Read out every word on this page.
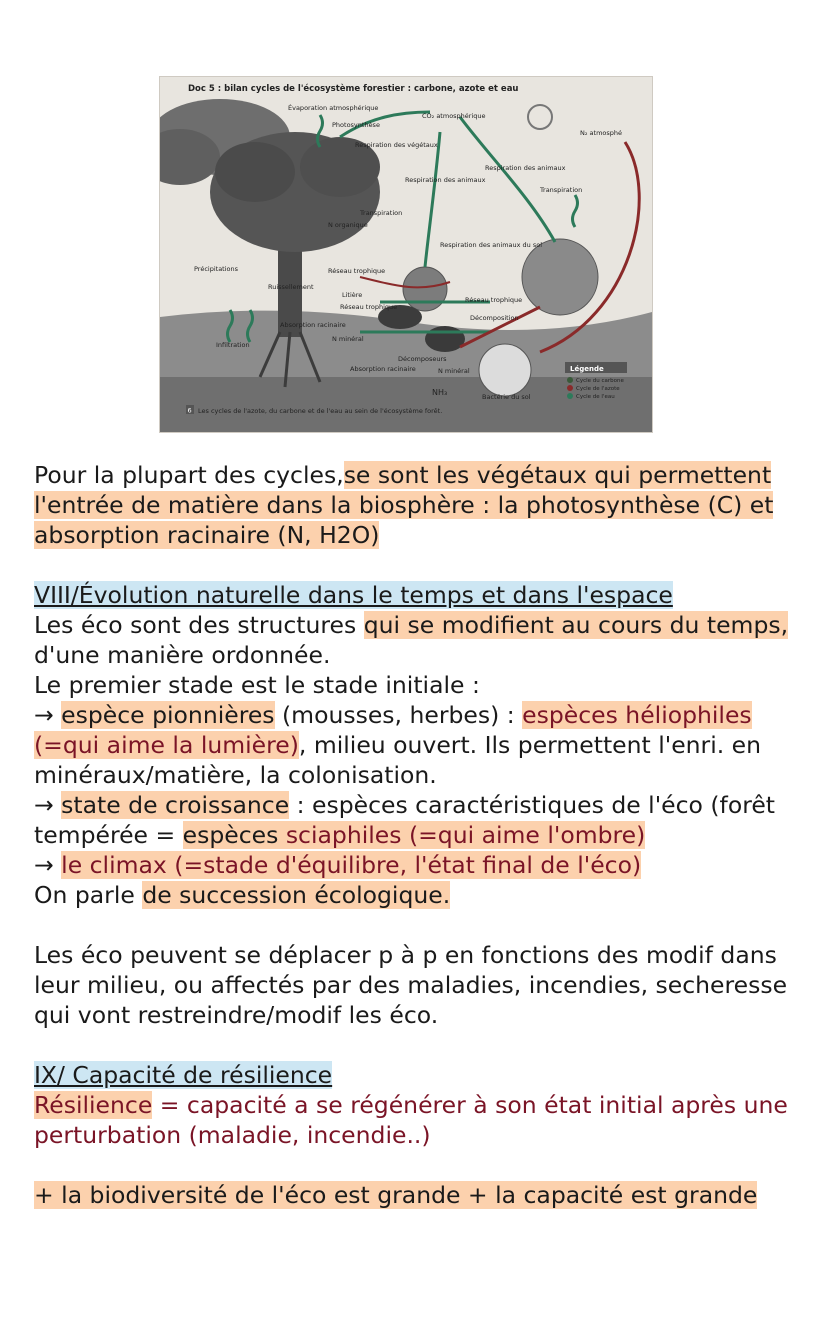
Doc 5 : bilan cycles de l'écosystème forestier : carbone, azote et eau
Évaporation atmosphérique
Photosynthèse
CO₂ atmosphérique
N₂ atmosphé
Respiration des végétaux
Respiration des animaux
Respiration des animaux
Transpiration
Transpiration
N organique
Respiration des animaux du sol
Précipitations	Réseau trophique
Ruissellement
Litière
Réseau trophique
Réseau trophique
Décomposition
Absorption racinaire
Infiltration
N minéral
Décomposeurs
Absorption racinaire	N minéral
NH₃	Bactérie du sol
Légende
Cycle du carbone
Cycle de l'azote
Cycle de l'eau
6 Les cycles de l'azote, du carbone et de l'eau au sein de l'écosystème forêt.

Pour la plupart des cycles,se sont les végétaux qui permettent l'entrée de matière dans la biosphère : la photosynthèse (C) et absorption racinaire (N, H2O)

VIII/Évolution naturelle dans le temps et dans l'espace

Les éco sont des structures qui se modifient au cours du temps, d'une manière ordonnée.

Le premier stade est le stade initiale :

→ espèce pionnières (mousses, herbes) : espèces héliophiles (=qui aime la lumière), milieu ouvert. Ils permettent l'enri. en minéraux/matière, la colonisation.

→ state de croissance : espèces caractéristiques de l'éco (forêt tempérée = espèces sciaphiles (=qui aime l'ombre)

→ le climax (=stade d'équilibre, l'état final de l'éco)

On parle de succession écologique.

Les éco peuvent se déplacer p à p en fonctions des modif dans leur milieu, ou affectés par des maladies, incendies, secheresse qui vont restreindre/modif les éco.

IX/ Capacité de résilience

Résilience = capacité a se régénérer à son état initial après une perturbation (maladie, incendie..)

+ la biodiversité de l'éco est grande + la capacité est grande
